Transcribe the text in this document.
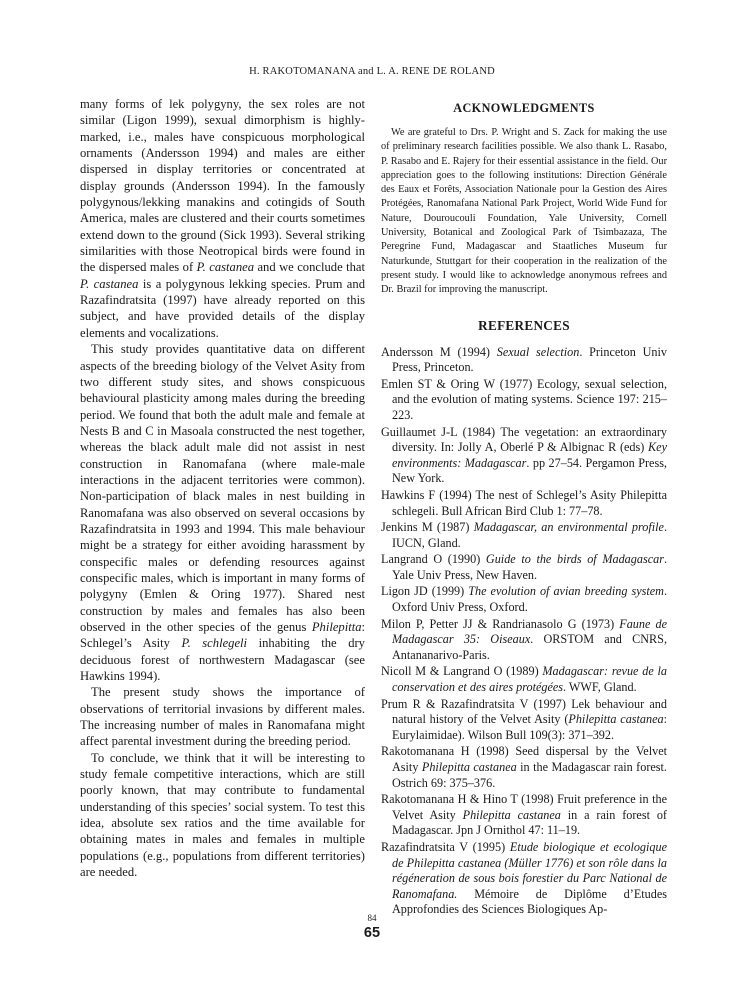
H. RAKOTOMANANA and L. A. RENE DE ROLAND

many forms of lek polygyny, the sex roles are not similar (Ligon 1999), sexual dimorphism is highly-marked, i.e., males have conspicuous morphological ornaments (Andersson 1994) and males are either dispersed in display territories or concentrated at display grounds (Andersson 1994). In the famously polygynous/lekking manakins and cotingids of South America, males are clustered and their courts sometimes extend down to the ground (Sick 1993). Several striking similarities with those Neotropical birds were found in the dispersed males of P. castanea and we conclude that P. castanea is a polygynous lekking species. Prum and Razafindratsita (1997) have already reported on this subject, and have provided details of the display elements and vocalizations.

This study provides quantitative data on different aspects of the breeding biology of the Velvet Asity from two different study sites, and shows conspicuous behavioural plasticity among males during the breeding period. We found that both the adult male and female at Nests B and C in Masoala constructed the nest together, whereas the black adult male did not assist in nest construction in Ranomafana (where male-male interactions in the adjacent territories were common). Non-participation of black males in nest building in Ranomafana was also observed on several occasions by Razafindratsita in 1993 and 1994. This male behaviour might be a strategy for either avoiding harassment by conspecific males or defending resources against conspecific males, which is important in many forms of polygyny (Emlen & Oring 1977). Shared nest construction by males and females has also been observed in the other species of the genus Philepitta: Schlegel’s Asity P. schlegeli inhabiting the dry deciduous forest of northwestern Madagascar (see Hawkins 1994).

The present study shows the importance of observations of territorial invasions by different males. The increasing number of males in Ranomafana might affect parental investment during the breeding period.

To conclude, we think that it will be interesting to study female competitive interactions, which are still poorly known, that may contribute to fundamental understanding of this species’ social system. To test this idea, absolute sex ratios and the time available for obtaining mates in males and females in multiple populations (e.g., populations from different territories) are needed.

ACKNOWLEDGMENTS

We are grateful to Drs. P. Wright and S. Zack for making the use of preliminary research facilities possible. We also thank L. Rasabo, P. Rasabo and E. Rajery for their essential assistance in the field. Our appreciation goes to the following institutions: Direction Générale des Eaux et Forêts, Association Nationale pour la Gestion des Aires Protégées, Ranomafana National Park Project, World Wide Fund for Nature, Douroucouli Foundation, Yale University, Cornell University, Botanical and Zoological Park of Tsimbazaza, The Peregrine Fund, Madagascar and Staatliches Museum fur Naturkunde, Stuttgart for their cooperation in the realization of the present study. I would like to acknowledge anonymous refrees and Dr. Brazil for improving the manuscript.

REFERENCES

Andersson M (1994) Sexual selection. Princeton Univ Press, Princeton.

Emlen ST & Oring W (1977) Ecology, sexual selection, and the evolution of mating systems. Science 197: 215–223.

Guillaumet J-L (1984) The vegetation: an extraordinary diversity. In: Jolly A, Oberlé P & Albignac R (eds) Key environments: Madagascar. pp 27–54. Pergamon Press, New York.

Hawkins F (1994) The nest of Schlegel’s Asity Philepitta schlegeli. Bull African Bird Club 1: 77–78.

Jenkins M (1987) Madagascar, an environmental profile. IUCN, Gland.

Langrand O (1990) Guide to the birds of Madagascar. Yale Univ Press, New Haven.

Ligon JD (1999) The evolution of avian breeding system. Oxford Univ Press, Oxford.

Milon P, Petter JJ & Randrianasolo G (1973) Faune de Madagascar 35: Oiseaux. ORSTOM and CNRS, Antananarivo-Paris.

Nicoll M & Langrand O (1989) Madagascar: revue de la conservation et des aires protégées. WWF, Gland.

Prum R & Razafindratsita V (1997) Lek behaviour and natural history of the Velvet Asity (Philepitta castanea: Eurylaimidae). Wilson Bull 109(3): 371–392.

Rakotomanana H (1998) Seed dispersal by the Velvet Asity Philepitta castanea in the Madagascar rain forest. Ostrich 69: 375–376.

Rakotomanana H & Hino T (1998) Fruit preference in the Velvet Asity Philepitta castanea in a rain forest of Madagascar. Jpn J Ornithol 47: 11–19.

Razafindratsita V (1995) Etude biologique et ecologique de Philepitta castanea (Müller 1776) et son rôle dans la régéneration de sous bois forestier du Parc National de Ranomafana. Mémoire de Diplôme d’Etudes Approfondies des Sciences Biologiques Ap-

84
65
